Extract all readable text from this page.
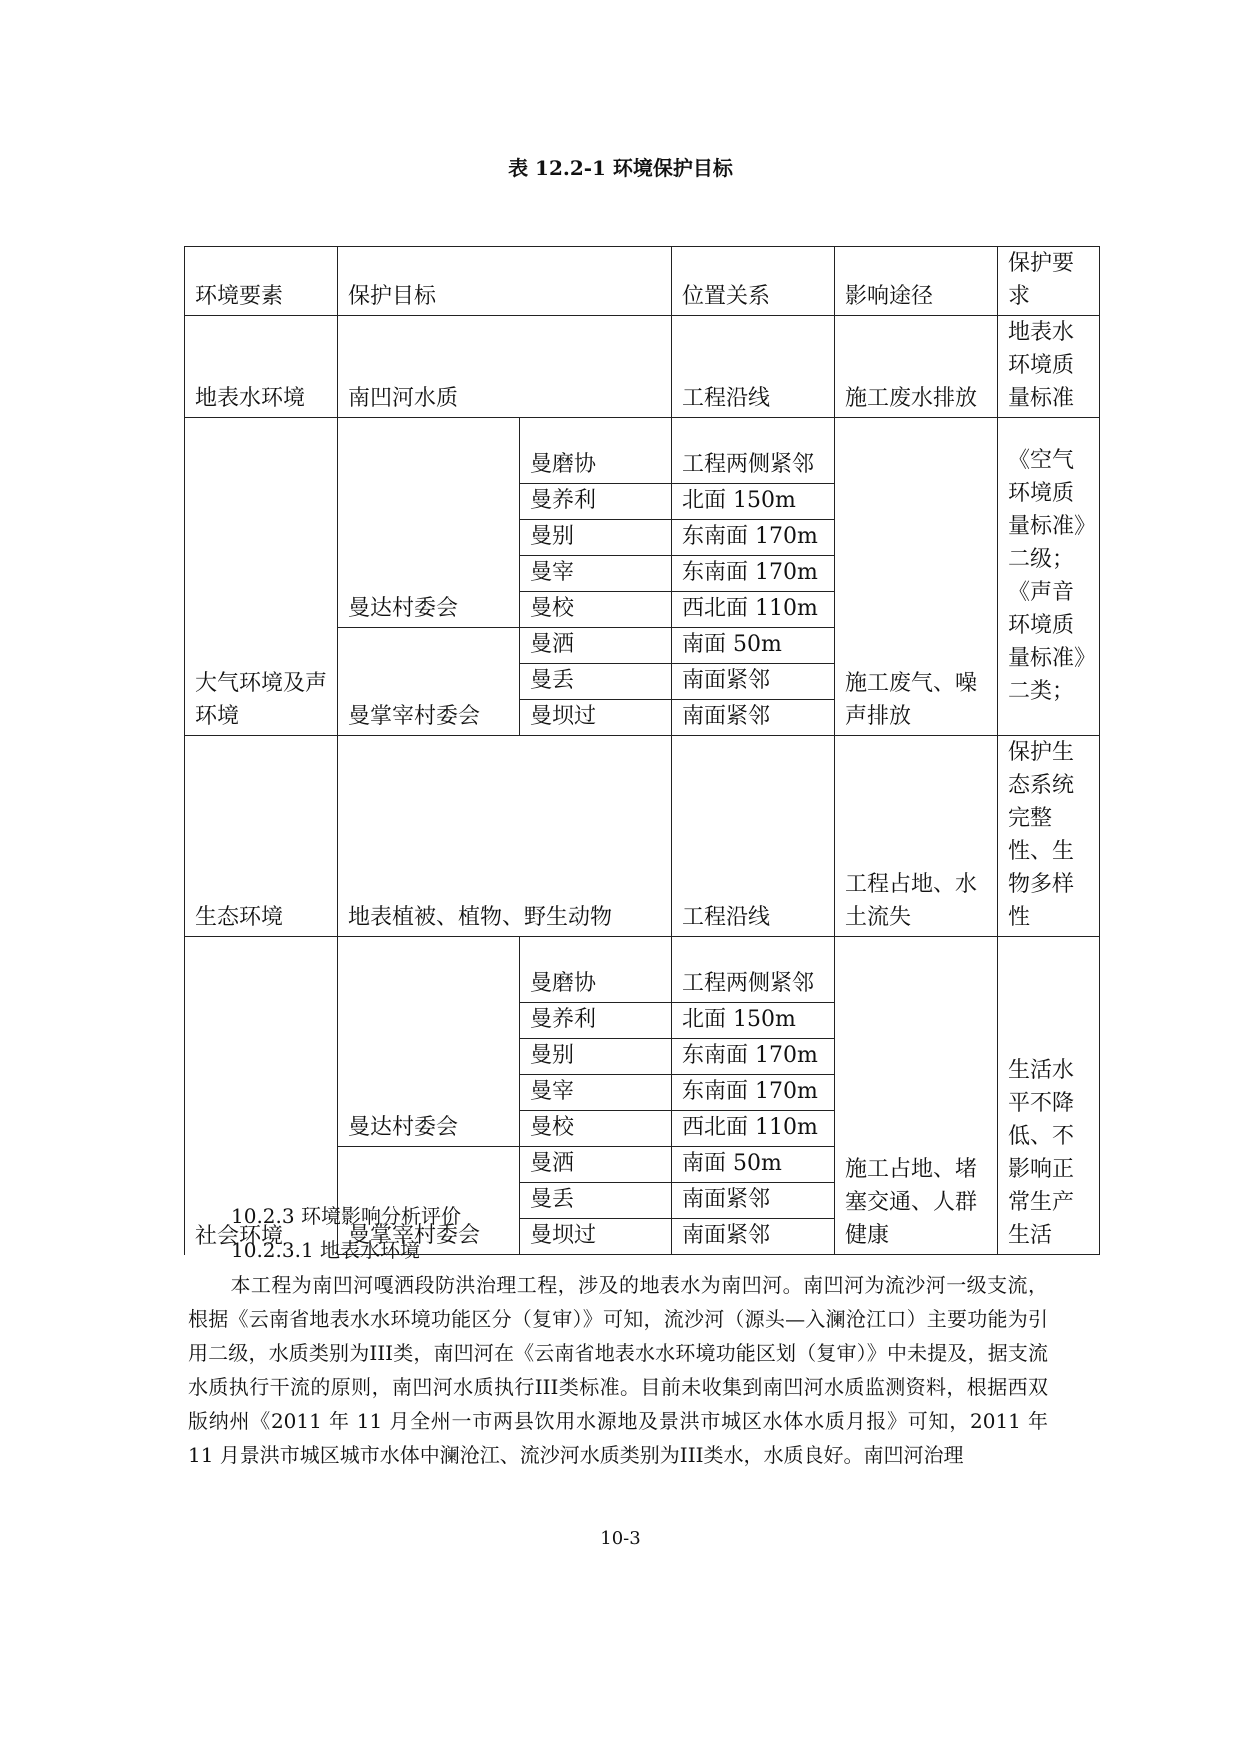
表 12.2-1 环境保护目标
环境要素	保护目标		位置关系	影响途径	保护要求
地表水环境	南凹河水质		工程沿线	施工废水排放	地表水环境质量标准
大气环境及声环境	曼达村委会	曼磨协	工程两侧紧邻	施工废气、噪声排放	《空气环境质量标准》二级；《声音环境质量标准》二类；
		曼养利	北面 150m		
		曼别	东南面 170m		
		曼宰	东南面 170m		
		曼校	西北面 110m		
	曼掌宰村委会	曼洒	南面 50m		
		曼丢	南面紧邻		
		曼坝过	南面紧邻		
生态环境	地表植被、植物、野生动物		工程沿线	工程占地、水土流失	保护生态系统完整性、生物多样性
社会环境	曼达村委会	曼磨协	工程两侧紧邻	施工占地、堵塞交通、人群健康	生活水平不降低、不影响正常生产生活
		曼养利	北面 150m		
		曼别	东南面 170m		
		曼宰	东南面 170m		
		曼校	西北面 110m		
	曼掌宰村委会	曼洒	南面 50m		
		曼丢	南面紧邻		
		曼坝过	南面紧邻		
10.2.3 环境影响分析评价
10.2.3.1 地表水环境
本工程为南凹河嘎洒段防洪治理工程，涉及的地表水为南凹河。南凹河为流沙河一级支流，根据《云南省地表水水环境功能区分（复审）》可知，流沙河（源头—入澜沧江口）主要功能为引用二级，水质类别为III类，南凹河在《云南省地表水水环境功能区划（复审）》中未提及，据支流水质执行干流的原则，南凹河水质执行III类标准。目前未收集到南凹河水质监测资料，根据西双版纳州《2011 年 11 月全州一市两县饮用水源地及景洪市城区水体水质月报》可知，2011 年 11 月景洪市城区城市水体中澜沧江、流沙河水质类别为III类水，水质良好。南凹河治理
10-3
